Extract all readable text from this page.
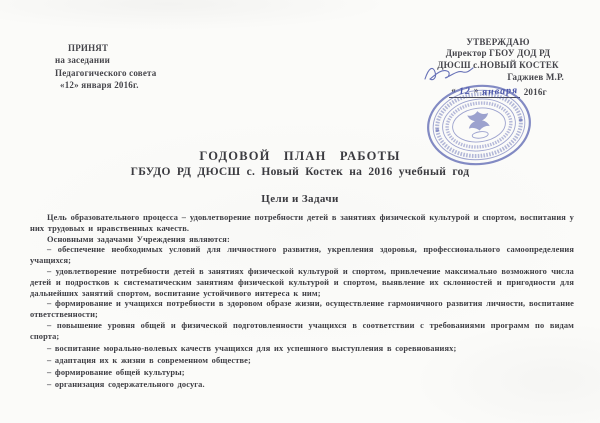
ПРИНЯТ
на заседании
Педагогического совета
«12» января 2016г.
УТВЕРЖДАЮ
Директор ГБОУ ДОД РД
ДЮСШ с.НОВЫЙ КОСТЕК
Гаджиев М.Р.
« 12 » января 2016г
ГОДОВОЙ ПЛАН РАБОТЫ
ГБУДО РД ДЮСШ с. Новый Костек на 2016 учебный год
Цели и Задачи

Цель образовательного процесса – удовлетворение потребности детей в занятиях физической культурой и спортом, воспитания у них трудовых и нравственных качеств.

Основными задачами Учреждения являются:

– обеспечение необходимых условий для личностного развития, укрепления здоровья, профессионального самоопределения учащихся;

– удовлетворение потребности детей в занятиях физической культурой и спортом, привлечение максимально возможного числа детей и подростков к систематическим занятиям физической культурой и спортом, выявление их склонностей и пригодности для дальнейших занятий спортом, воспитание устойчивого интереса к ним;

– формирование и учащихся потребности в здоровом образе жизни, осуществление гармоничного развития личности, воспитание ответственности;

– повышение уровня общей и физической подготовленности учащихся в соответствии с требованиями программ по видам спорта;

– воспитание морально-волевых качеств учащихся для их успешного выступления в соревнованиях;

– адаптация их к жизни в современном обществе;

– формирование общей культуры;

– организация содержательного досуга.
